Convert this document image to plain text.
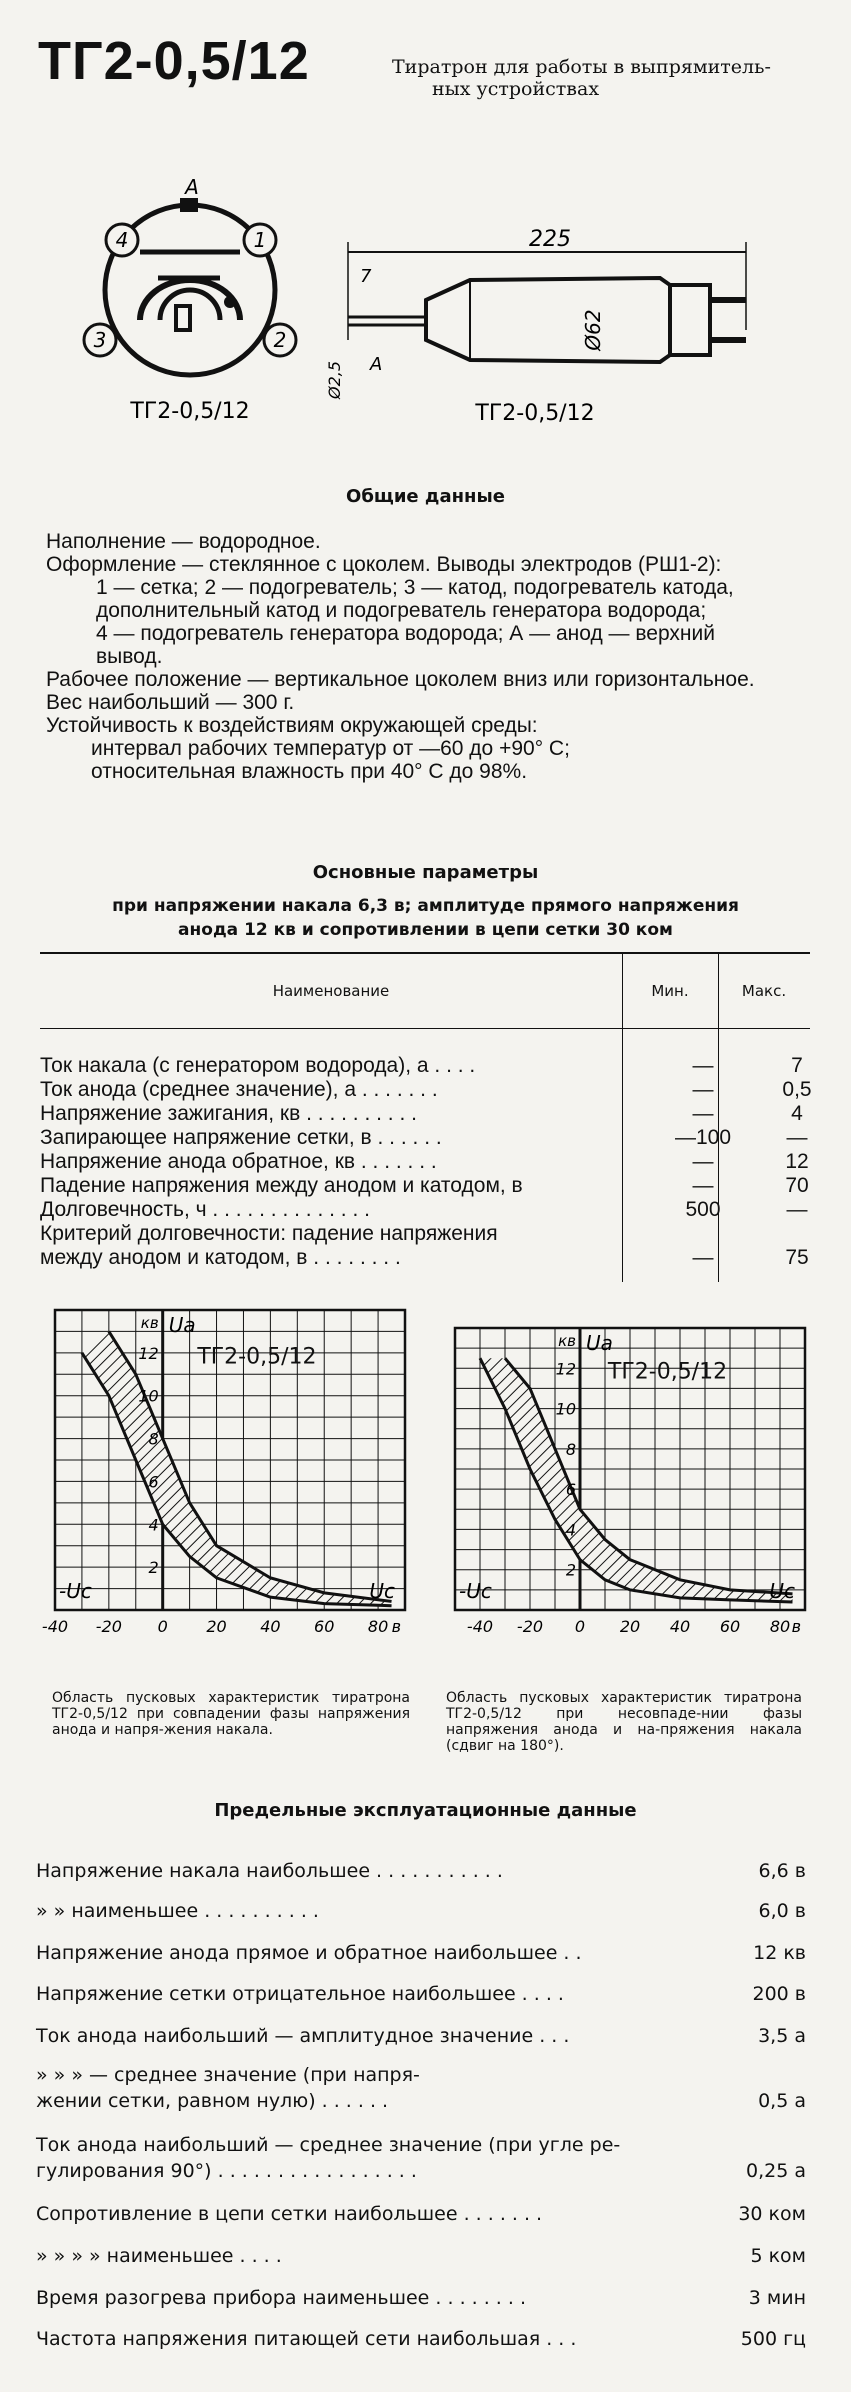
ТГ2-0,5/12	Тиратрон для работы в выпрямитель-
ных устройствах
А
1
2
3
4
ТГ2-0,5/12
225
Ø62
7
Ø2,5 А
ТГ2-0,5/12
Общие данные
Наполнение — водородное.
Оформление — стеклянное с цоколем. Выводы электродов (РШ1-2):
1 — сетка; 2 — подогреватель; 3 — катод, подогреватель катода,
дополнительный катод и подогреватель генератора водорода;
4 — подогреватель генератора водорода; А — анод — верхний
вывод.
Рабочее положение — вертикальное цоколем вниз или горизонтальное.
Вес наибольший — 300 г.
Устойчивость к воздействиям окружающей среды:
интервал рабочих температур от —60 до +90° С;
относительная влажность при 40° С до 98%.
Основные параметры
при напряжении накала 6,3 в; амплитуде прямого напряжения
анода 12 кв и сопротивлении в цепи сетки 30 ком
Наименование	Мин.	Макс.
Ток накала (с генератором водорода), а . . . .	—	7
Ток анода (среднее значение), а . . . . . . .	—	0,5
Напряжение зажигания, кв . . . . . . . . . .	—	4
Запирающее напряжение сетки, в . . . . . .	—100	—
Напряжение анода обратное, кв . . . . . . .	—	12
Падение напряжения между анодом и катодом, в	—	70
Долговечность, ч . . . . . . . . . . . . . .	500	—
Критерий долговечности: падение напряжения
между анодом и катодом, в . . . . . . . .	—	75
2
4
6
8
10
12
-40 -20 0 20 40 60 80 в
кв Ua
Uc
-Uc
ТГ2-0,5/12
2
4
6
8
10
12
-40 -20 0 20 40 60 80 в
кв Ua
Uc
-Uc
ТГ2-0,5/12
Область пусковых характеристик тиратрона ТГ2-0,5/12 при совпадении фазы напряжения анода и напря-жения накала.
Область пусковых характеристик тиратрона ТГ2-0,5/12 при несовпаде-нии фазы напряжения анода и на-пряжения накала (сдвиг на 180°).
Предельные эксплуатационные данные
Напряжение накала наибольшее . . . . . . . . . . .	6,6 в
» » наименьшее . . . . . . . . . .	6,0 в
Напряжение анода прямое и обратное наибольшее . .	12 кв
Напряжение сетки отрицательное наибольшее . . . .	200 в
Ток анода наибольший — амплитудное значение . . .	3,5 а
» » » — среднее значение (при напря-
жении сетки, равном нулю) . . . . . .	0,5 а
Ток анода наибольший — среднее значение (при угле ре-
гулирования 90°) . . . . . . . . . . . . . . . . .	0,25 а
Сопротивление в цепи сетки наибольшее . . . . . . .	30 ком
» » » » наименьшее . . . .	5 ком
Время разогрева прибора наименьшее . . . . . . . .	3 мин
Частота напряжения питающей сети наибольшая . . .	500 гц
